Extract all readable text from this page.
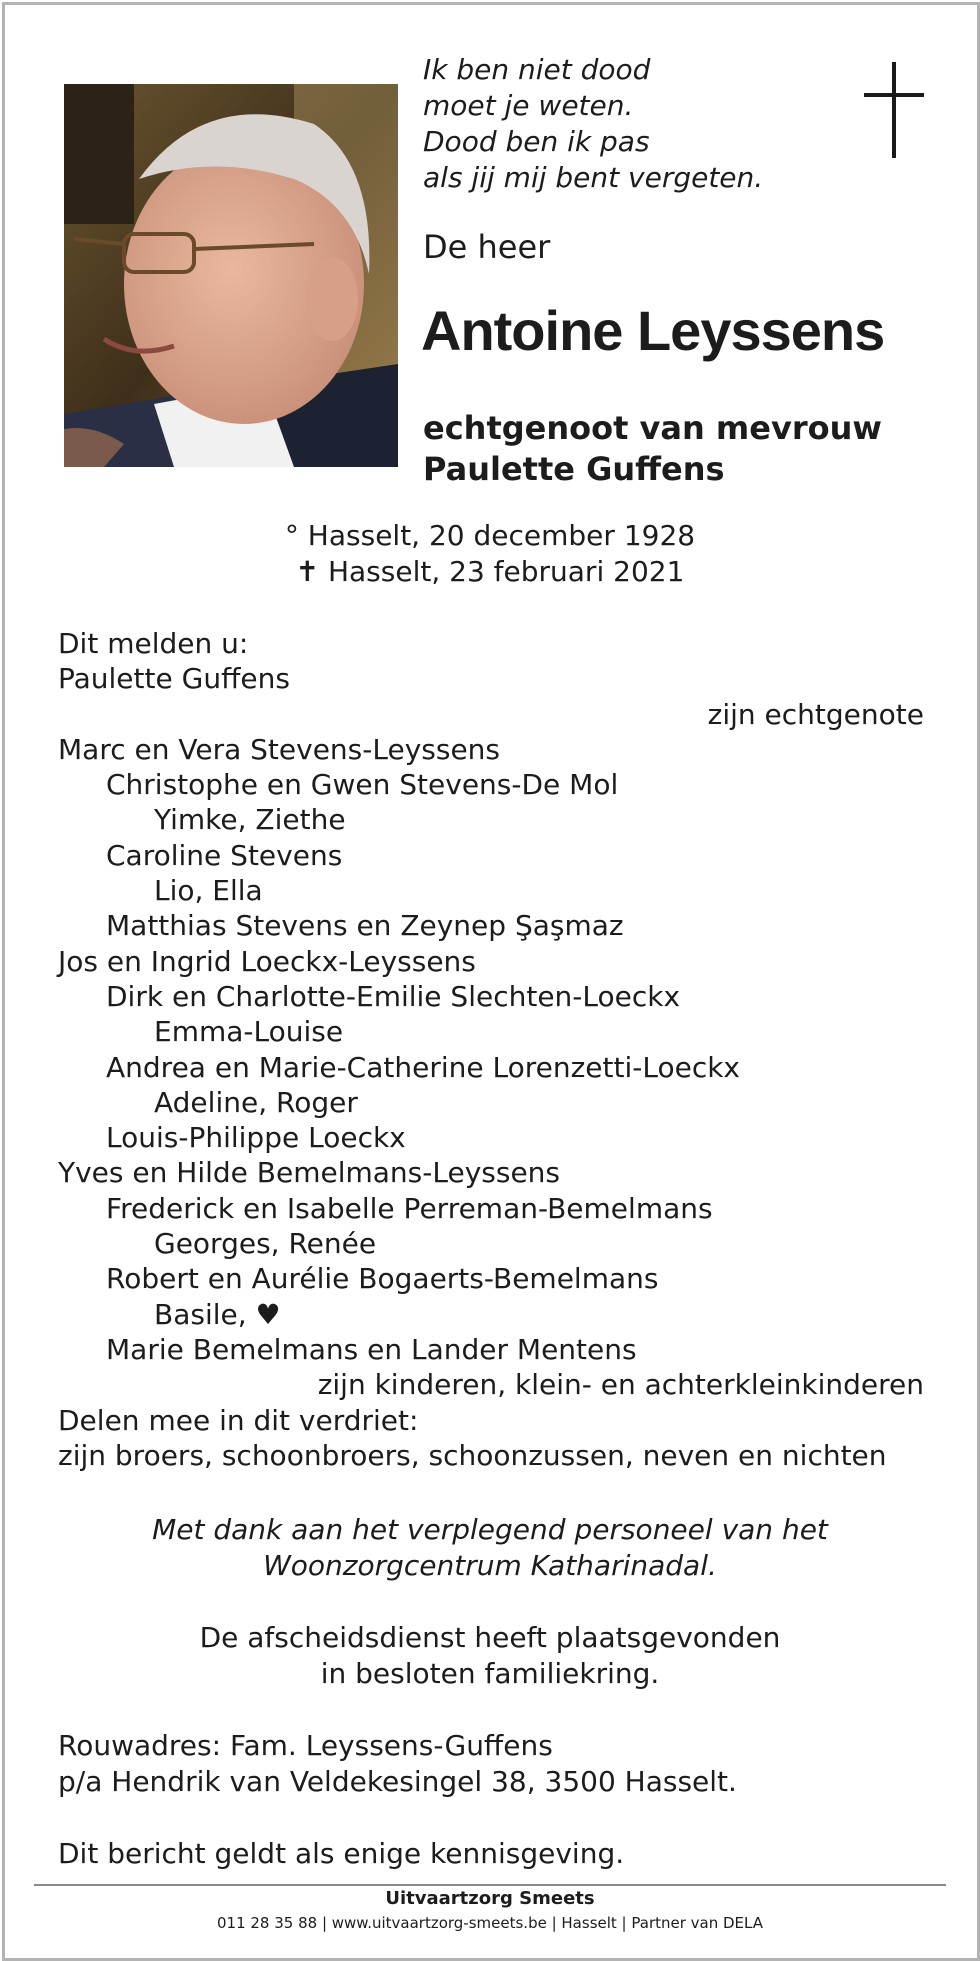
Ik ben niet dood
moet je weten.
Dood ben ik pas
als jij mij bent vergeten.
De heer
Antoine Leyssens
echtgenoot van mevrouw
Paulette Guffens
° Hasselt, 20 december 1928
✝ Hasselt, 23 februari 2021
Dit melden u:
Paulette Guffens
zijn echtgenote
Marc en Vera Stevens-Leyssens
Christophe en Gwen Stevens-De Mol
Yimke, Ziethe
Caroline Stevens
Lio, Ella
Matthias Stevens en Zeynep Şaşmaz
Jos en Ingrid Loeckx-Leyssens
Dirk en Charlotte-Emilie Slechten-Loeckx
Emma-Louise
Andrea en Marie-Catherine Lorenzetti-Loeckx
Adeline, Roger
Louis-Philippe Loeckx
Yves en Hilde Bemelmans-Leyssens
Frederick en Isabelle Perreman-Bemelmans
Georges, Renée
Robert en Aurélie Bogaerts-Bemelmans
Basile, ♥
Marie Bemelmans en Lander Mentens
zijn kinderen, klein- en achterkleinkinderen
Delen mee in dit verdriet:
zijn broers, schoonbroers, schoonzussen, neven en nichten
Met dank aan het verplegend personeel van het
Woonzorgcentrum Katharinadal.
De afscheidsdienst heeft plaatsgevonden
in besloten familiekring.
Rouwadres: Fam. Leyssens-Guffens
p/a Hendrik van Veldekesingel 38, 3500 Hasselt.
Dit bericht geldt als enige kennisgeving.
Uitvaartzorg Smeets
011 28 35 88 | www.uitvaartzorg-smeets.be | Hasselt | Partner van DELA
